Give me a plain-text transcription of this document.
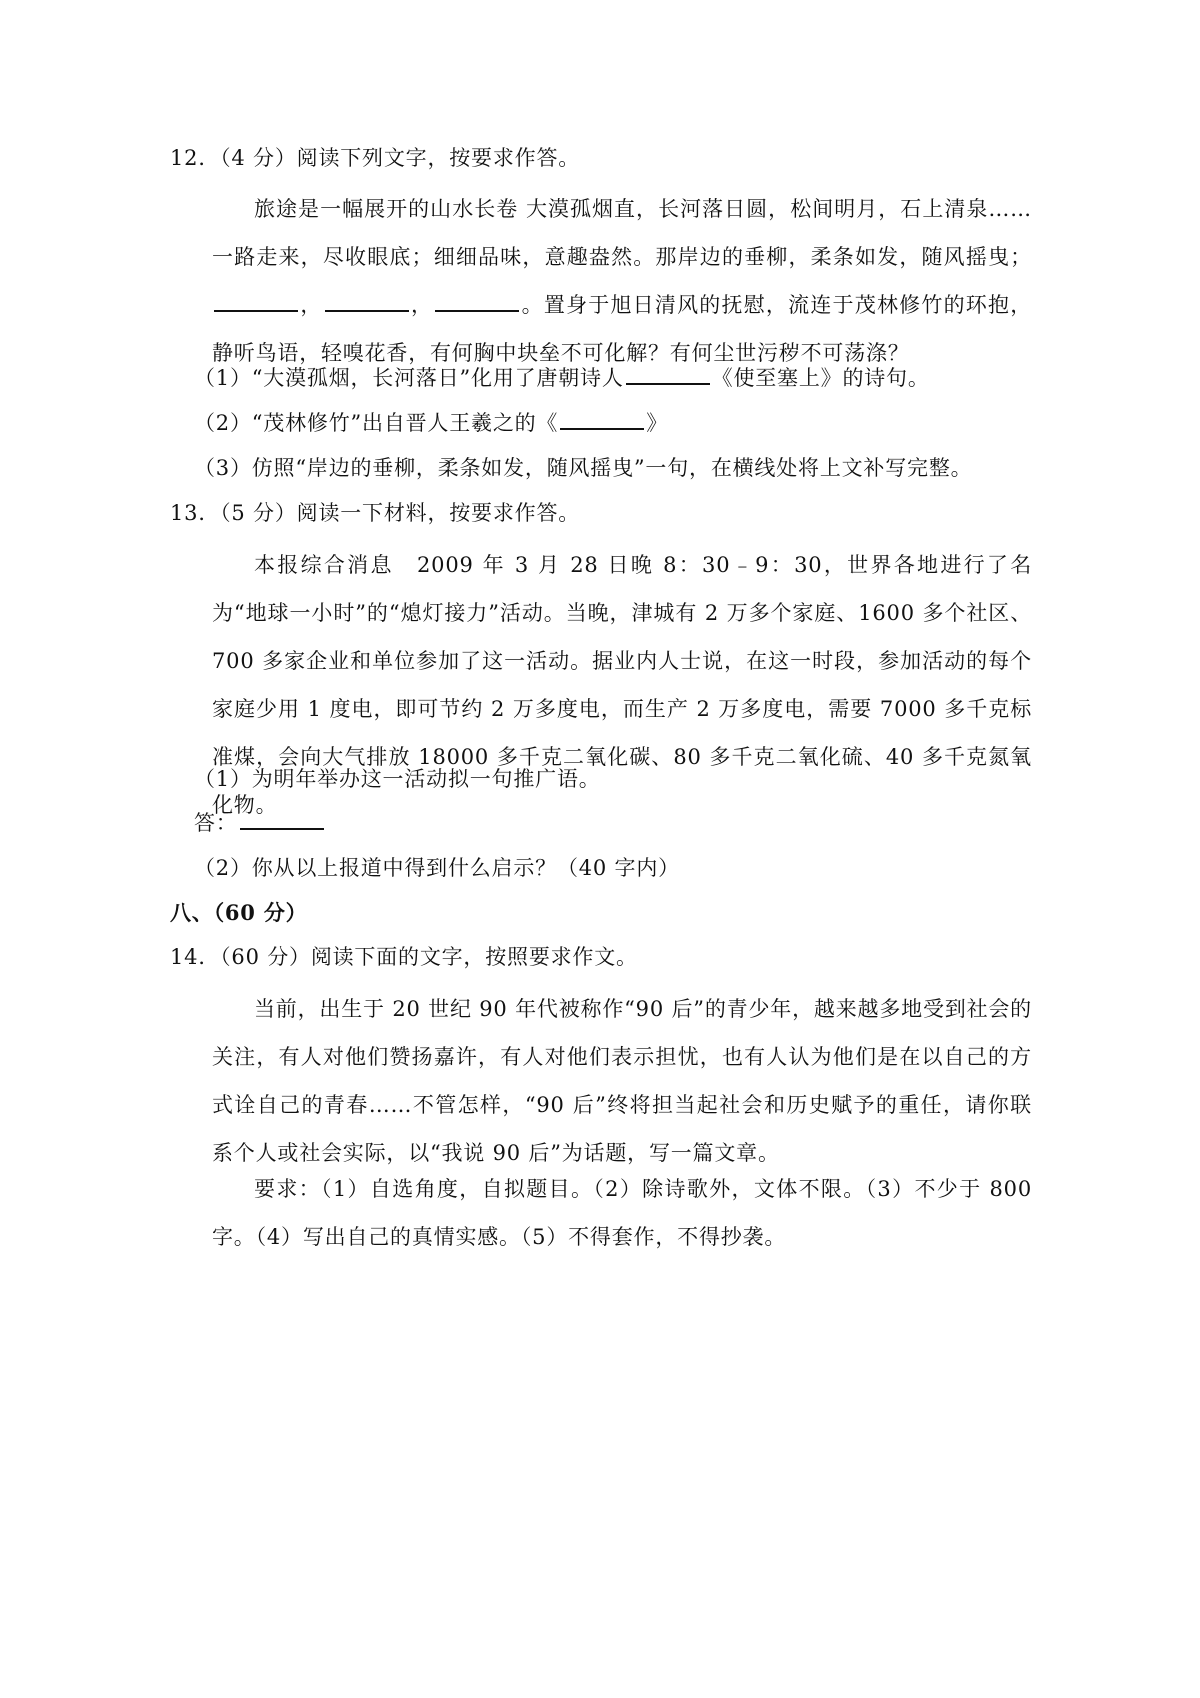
12．（4 分）阅读下列文字，按要求作答。
旅途是一幅展开的山水长卷 大漠孤烟直，长河落日圆，松间明月，石上清泉……一路走来，尽收眼底；细细品味，意趣盎然。那岸边的垂柳，柔条如发，随风摇曳；，	，	。置身于旭日清风的抚慰，流连于茂林修竹的环抱，静听鸟语，轻嗅花香，有何胸中块垒不可化解？有何尘世污秽不可荡涤？
（1）“大漠孤烟，长河落日”化用了唐朝诗人	《使至塞上》的诗句。
（2）“茂林修竹”出自晋人王羲之的《	》
（3）仿照“岸边的垂柳，柔条如发，随风摇曳”一句，在横线处将上文补写完整。
13．（5 分）阅读一下材料，按要求作答。
本报综合消息　2009 年 3 月 28 日晚 8：30﹣9：30，世界各地进行了名为“地球一小时”的“熄灯接力”活动。当晚，津城有 2 万多个家庭、1600 多个社区、700 多家企业和单位参加了这一活动。据业内人士说，在这一时段，参加活动的每个家庭少用 1 度电，即可节约 2 万多度电，而生产 2 万多度电，需要 7000 多千克标准煤，会向大气排放 18000 多千克二氧化碳、80 多千克二氧化硫、40 多千克氮氧化物。
（1）为明年举办这一活动拟一句推广语。
答：
（2）你从以上报道中得到什么启示？（40 字内）
八、（60 分）
14．（60 分）阅读下面的文字，按照要求作文。
当前，出生于 20 世纪 90 年代被称作“90 后”的青少年，越来越多地受到社会的关注，有人对他们赞扬嘉许，有人对他们表示担忧，也有人认为他们是在以自己的方式诠自己的青春……不管怎样，“90 后”终将担当起社会和历史赋予的重任，请你联系个人或社会实际，以“我说 90 后”为话题，写一篇文章。
要求：（1）自选角度，自拟题目。（2）除诗歌外，文体不限。（3）不少于 800 字。（4）写出自己的真情实感。（5）不得套作，不得抄袭。
